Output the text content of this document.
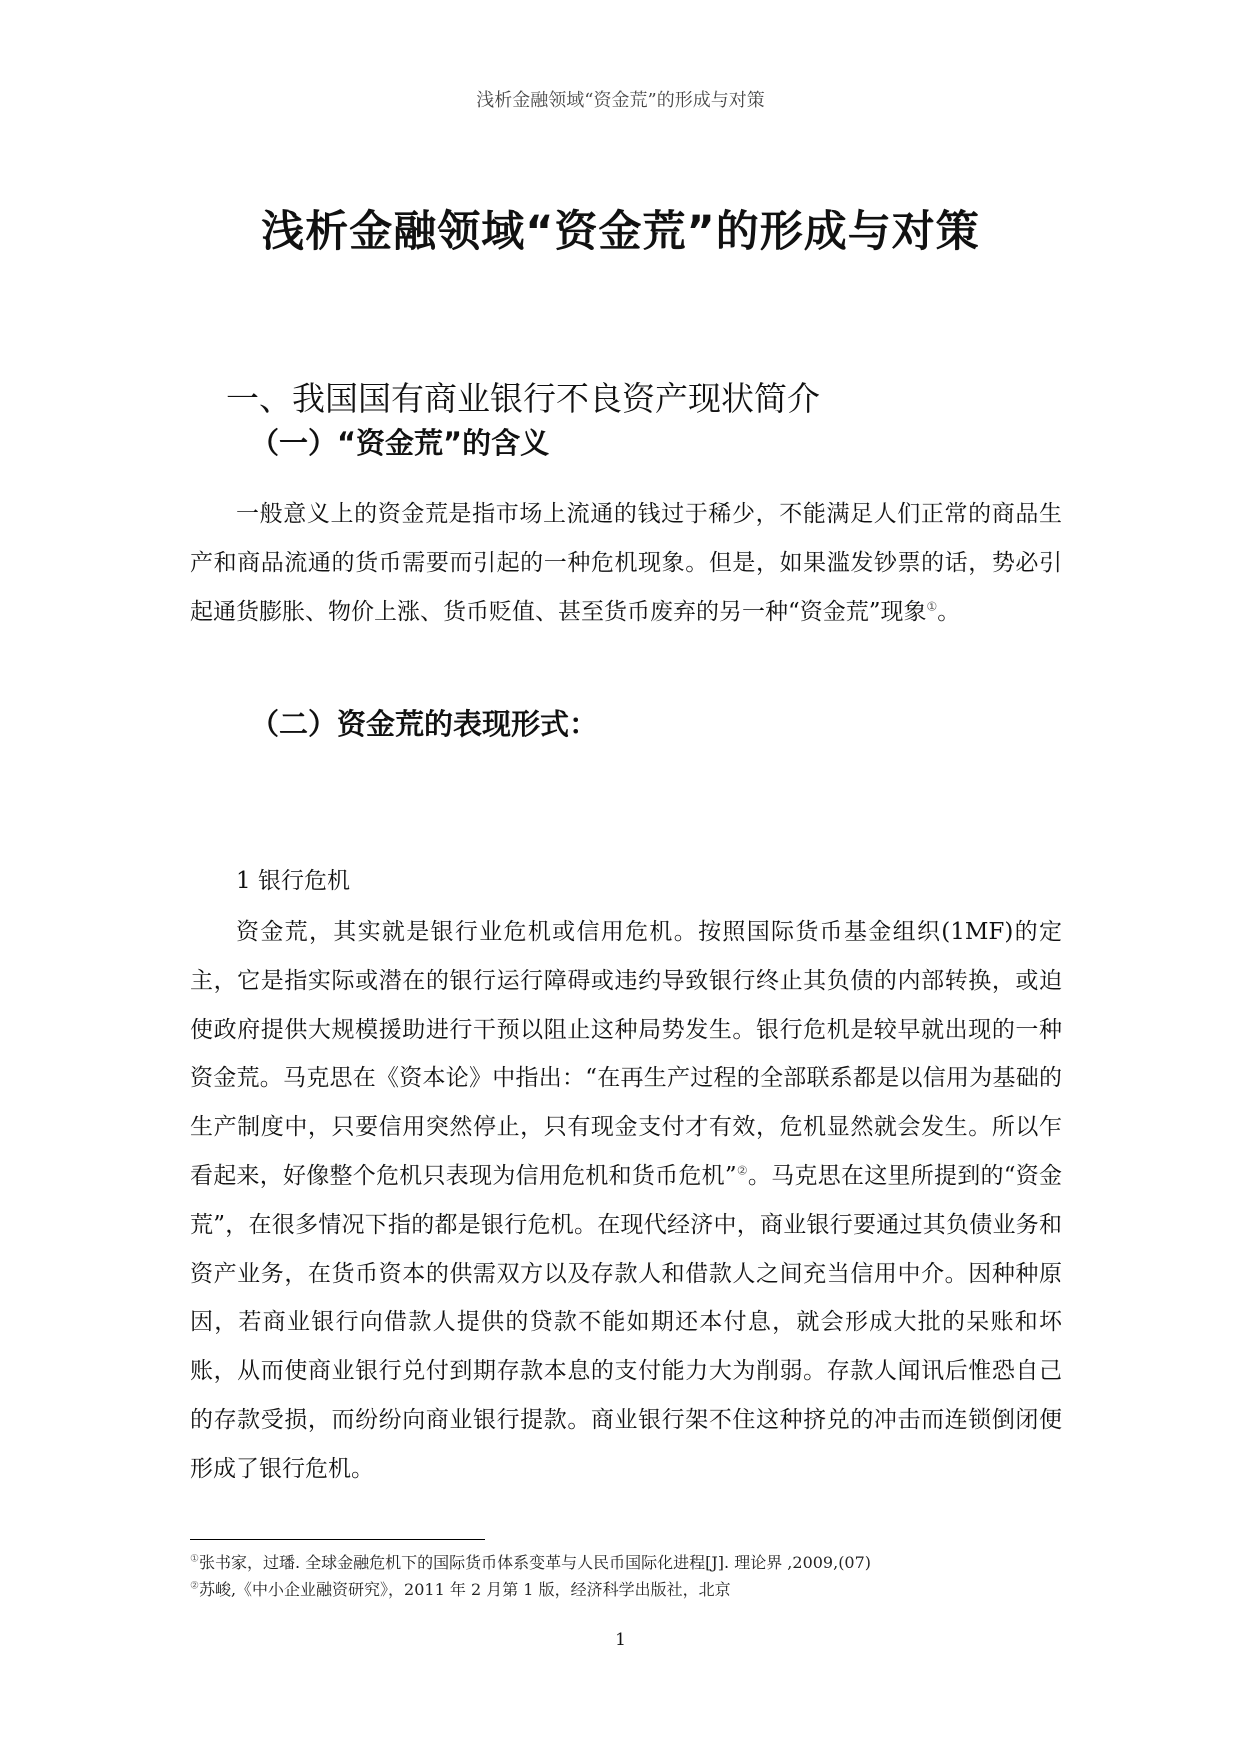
浅析金融领域“资金荒”的形成与对策
浅析金融领域“资金荒”的形成与对策
一、我国国有商业银行不良资产现状简介
（一）“资金荒”的含义

一般意义上的资金荒是指市场上流通的钱过于稀少，不能满足人们正常的商品生产和商品流通的货币需要而引起的一种危机现象。但是，如果滥发钞票的话，势必引起通货膨胀、物价上涨、货币贬值、甚至货币废弃的另一种“资金荒”现象①。

（二）资金荒的表现形式：

1 银行危机

资金荒，其实就是银行业危机或信用危机。按照国际货币基金组织(1MF)的定主，它是指实际或潜在的银行运行障碍或违约导致银行终止其负债的内部转换，或迫使政府提供大规模援助进行干预以阻止这种局势发生。银行危机是较早就出现的一种资金荒。马克思在《资本论》中指出：“在再生产过程的全部联系都是以信用为基础的生产制度中，只要信用突然停止，只有现金支付才有效，危机显然就会发生。所以乍看起来，好像整个危机只表现为信用危机和货币危机”②。马克思在这里所提到的“资金荒”，在很多情况下指的都是银行危机。在现代经济中，商业银行要通过其负债业务和资产业务，在货币资本的供需双方以及存款人和借款人之间充当信用中介。因种种原因，若商业银行向借款人提供的贷款不能如期还本付息，就会形成大批的呆账和坏账，从而使商业银行兑付到期存款本息的支付能力大为削弱。存款人闻讯后惟恐自己的存款受损，而纷纷向商业银行提款。商业银行架不住这种挤兑的冲击而连锁倒闭便形成了银行危机。

①张书家，过璠. 全球金融危机下的国际货币体系变革与人民币国际化进程[J]. 理论界 ,2009,(07)
②苏峻,《中小企业融资研究》，2011 年 2 月第 1 版，经济科学出版社，北京
1
